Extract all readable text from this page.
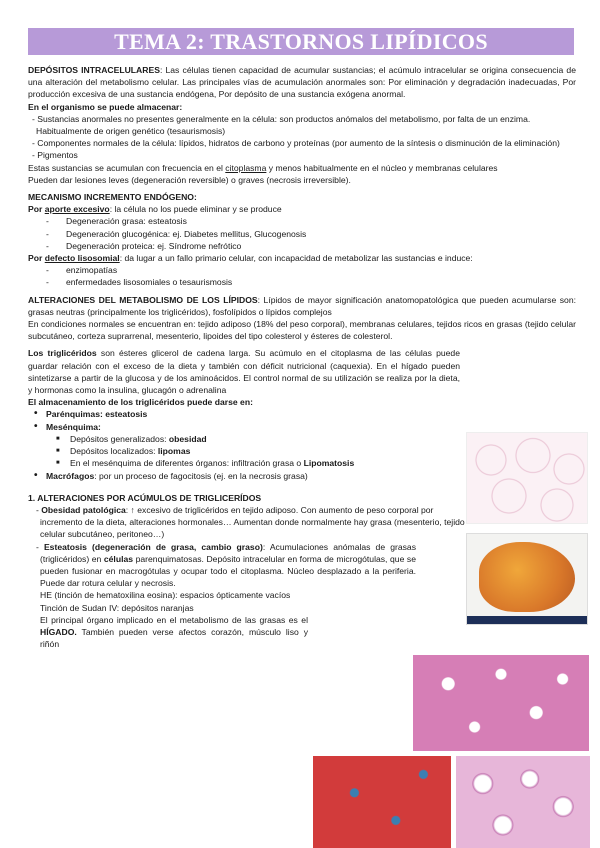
TEMA 2: TRASTORNOS LIPÍDICOS

DEPÓSITOS INTRACELULARES: Las células tienen capacidad de acumular sustancias; el acúmulo intracelular se origina consecuencia de una alteración del metabolismo celular. Las principales vías de acumulación anormales son: Por eliminación y degradación inadecuadas, Por producción excesiva de una sustancia endógena, Por depósito de una sustancia exógena anormal.

En el organismo se puede almacenar:

- Sustancias anormales no presentes generalmente en la célula: son productos anómalos del metabolismo, por falta de un enzima. Habitualmente de origen genético (tesaurismosis)

- Componentes normales de la célula: lípidos, hidratos de carbono y proteínas (por aumento de la síntesis o disminución de la eliminación)

- Pigmentos

Estas sustancias se acumulan con frecuencia en el citoplasma y menos habitualmente en el núcleo y membranas celulares

Pueden dar lesiones leves (degeneración reversible) o graves (necrosis irreversible).

MECANISMO INCREMENTO ENDÓGENO:

Por aporte excesivo: la célula no los puede eliminar y se produce

- Degeneración grasa: esteatosis
- Degeneración glucogénica: ej. Diabetes mellitus, Glucogenosis
- Degeneración proteica: ej. Síndrome nefrótico

Por defecto lisosomial: da lugar a un fallo primario celular, con incapacidad de metabolizar las sustancias e induce:

- enzimopatías
- enfermedades lisosomiales o tesaurismosis

ALTERACIONES DEL METABOLISMO DE LOS LÍPIDOS: Lípidos de mayor significación anatomopatológica que pueden acumularse son: grasas neutras (principalmente los triglicéridos), fosfolípidos o lípidos complejos

En condiciones normales se encuentran en: tejido adiposo (18% del peso corporal), membranas celulares, tejidos ricos en grasas (tejido celular subcutáneo, corteza suprarrenal, mesenterio, lipoides del tipo colesterol y ésteres de colesterol.

Los triglicéridos son ésteres glicerol de cadena larga. Su acúmulo en el citoplasma de las células puede guardar relación con el exceso de la dieta y también con déficit nutricional (caquexia). En el hígado pueden sintetizarse a partir de la glucosa y de los aminoácidos. El control normal de su utilización se realiza por la dieta, y hormonas como la insulina, glucagón o adrenalina

El almacenamiento de los triglicéridos puede darse en:

• Parénquimas: esteatosis
• Mesénquima:
■ Depósitos generalizados: obesidad
■ Depósitos localizados: lipomas
■ En el mesénquima de diferentes órganos: infiltración grasa o Lipomatosis
• Macrófagos: por un proceso de fagocitosis (ej. en la necrosis grasa)

1. ALTERACIONES POR ACÚMULOS DE TRIGLICERÍDOS

- Obesidad patológica: ↑ excesivo de triglicéridos en tejido adiposo. Con aumento de peso corporal por incremento de la dieta, alteraciones hormonales… Aumentan donde normalmente hay grasa (mesenterio, tejido celular subcutáneo, peritoneo…)

- Esteatosis (degeneración de grasa, cambio graso): Acumulaciones anómalas de grasas (triglicéridos) en células parenquimatosas. Depósito intracelular en forma de microgótulas, que se pueden fusionar en macrogótulas y ocupar todo el citoplasma. Núcleo desplazado a la periferia. Puede dar rotura celular y necrosis.

HE (tinción de hematoxilina eosina): espacios ópticamente vacíos

Tinción de Sudan IV: depósitos naranjas

El principal órgano implicado en el metabolismo de las grasas es el HÍGADO. También pueden verse afectos corazón, músculo liso y riñón
